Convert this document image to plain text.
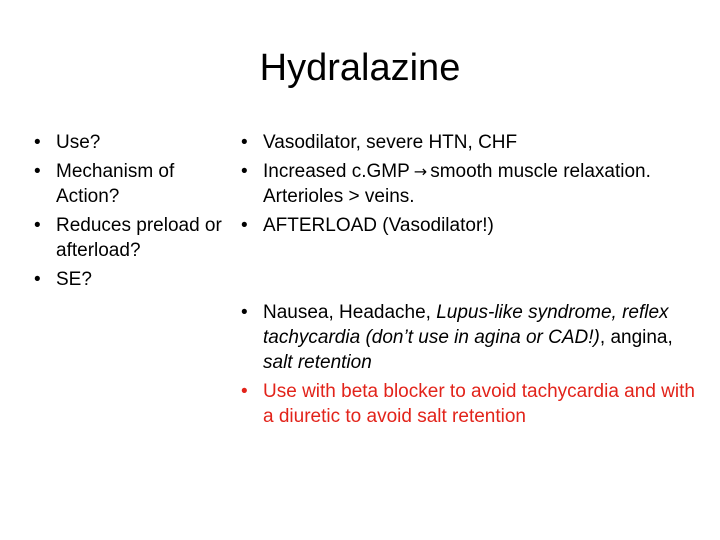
Hydralazine
• Use?
• Mechanism of Action?
• Reduces preload or afterload?
• SE?
• Vasodilator, severe HTN, CHF
• Increased c.GMP → smooth muscle relaxation. Arterioles > veins.
• AFTERLOAD (Vasodilator!)
• Nausea, Headache, Lupus-like syndrome, reflex tachycardia (don’t use in agina or CAD!), angina, salt retention
• Use with beta blocker to avoid tachycardia and with a diuretic to avoid salt retention
